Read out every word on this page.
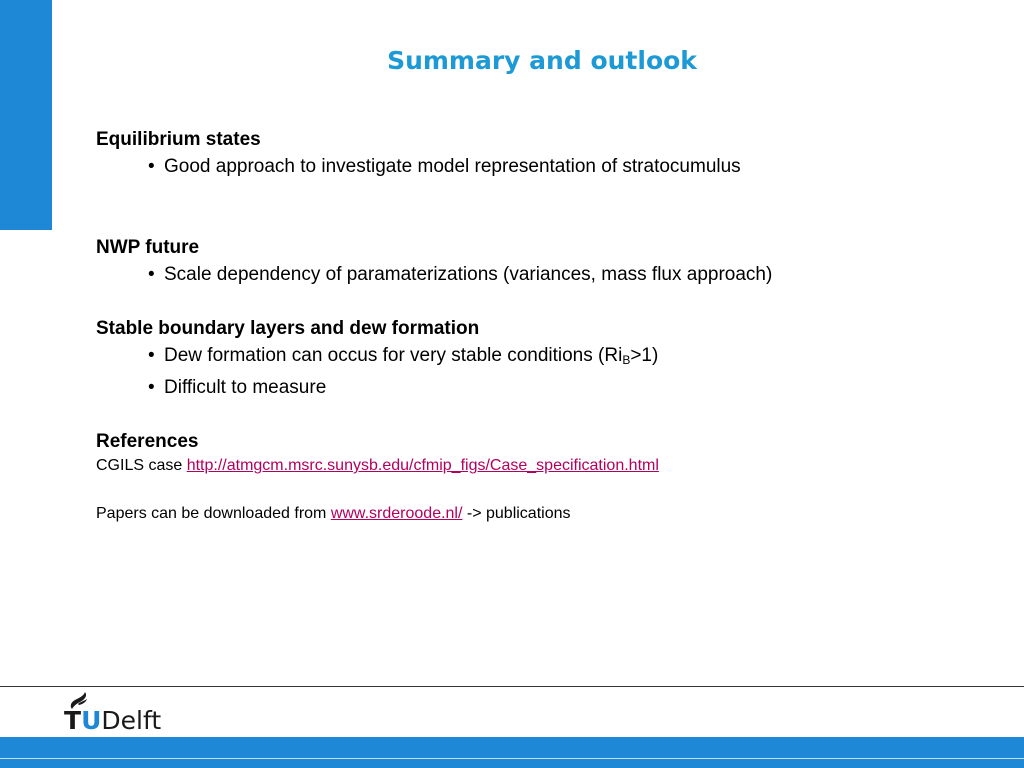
Summary and outlook
Equilibrium states
• Good approach to investigate model representation of stratocumulus
NWP future
• Scale dependency of paramaterizations (variances, mass flux approach)
Stable boundary layers and dew formation
• Dew formation can occus for very stable conditions $(Ri_B>1)$
• Difficult to measure
References
CGILS case http://atmgcm.msrc.sunysb.edu/cfmip_figs/Case_specification.html
Papers can be downloaded from www.srderoode.nl/ -> publications
TUDelft
